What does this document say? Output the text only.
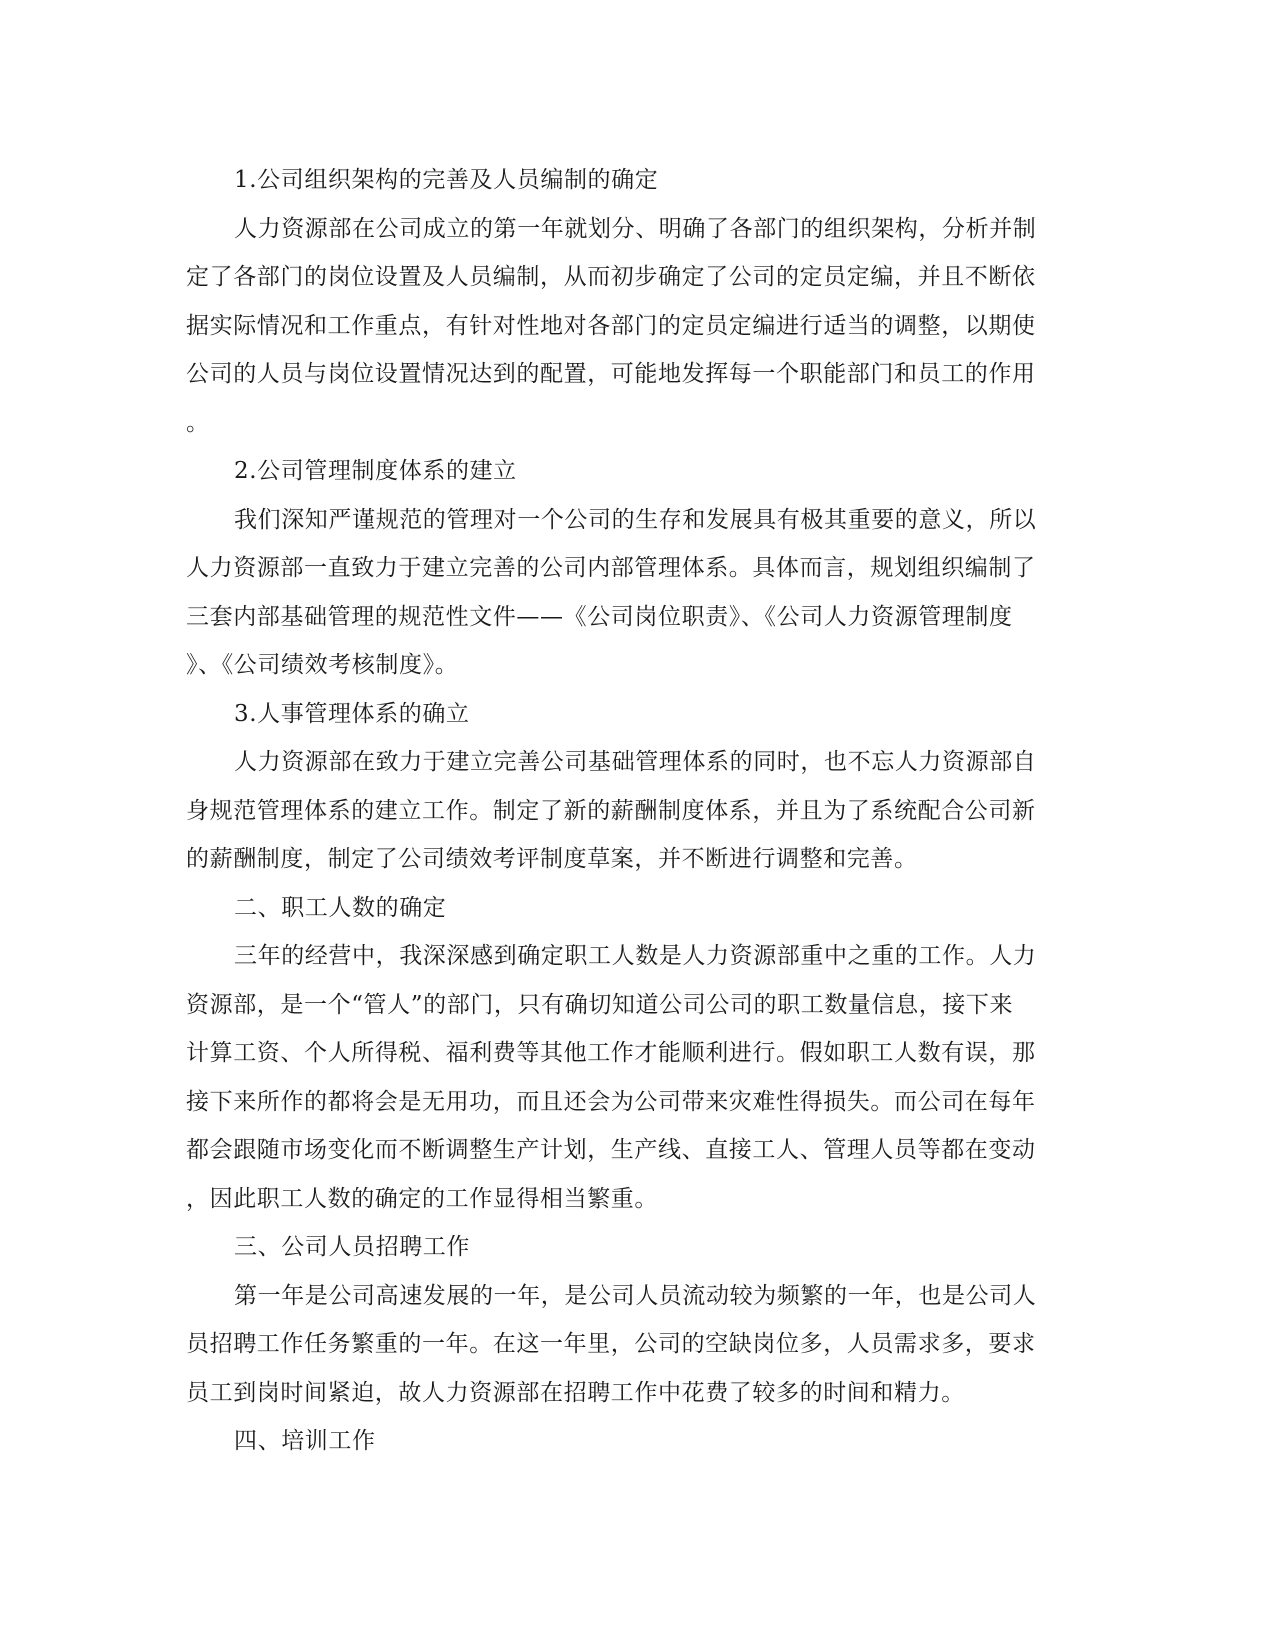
1.公司组织架构的完善及人员编制的确定
人力资源部在公司成立的第一年就划分、明确了各部门的组织架构，分析并制
定了各部门的岗位设置及人员编制，从而初步确定了公司的定员定编，并且不断依
据实际情况和工作重点，有针对性地对各部门的定员定编进行适当的调整，以期使
公司的人员与岗位设置情况达到的配置，可能地发挥每一个职能部门和员工的作用
。
2.公司管理制度体系的建立
我们深知严谨规范的管理对一个公司的生存和发展具有极其重要的意义，所以
人力资源部一直致力于建立完善的公司内部管理体系。具体而言，规划组织编制了
三套内部基础管理的规范性文件——《公司岗位职责》、《公司人力资源管理制度
》、《公司绩效考核制度》。
3.人事管理体系的确立
人力资源部在致力于建立完善公司基础管理体系的同时，也不忘人力资源部自
身规范管理体系的建立工作。制定了新的薪酬制度体系，并且为了系统配合公司新
的薪酬制度，制定了公司绩效考评制度草案，并不断进行调整和完善。
二、职工人数的确定
三年的经营中，我深深感到确定职工人数是人力资源部重中之重的工作。人力
资源部，是一个“管人”的部门，只有确切知道公司公司的职工数量信息，接下来
计算工资、个人所得税、福利费等其他工作才能顺利进行。假如职工人数有误，那
接下来所作的都将会是无用功，而且还会为公司带来灾难性得损失。而公司在每年
都会跟随市场变化而不断调整生产计划，生产线、直接工人、管理人员等都在变动
，因此职工人数的确定的工作显得相当繁重。
三、公司人员招聘工作
第一年是公司高速发展的一年，是公司人员流动较为频繁的一年，也是公司人
员招聘工作任务繁重的一年。在这一年里，公司的空缺岗位多，人员需求多，要求
员工到岗时间紧迫，故人力资源部在招聘工作中花费了较多的时间和精力。
四、培训工作
